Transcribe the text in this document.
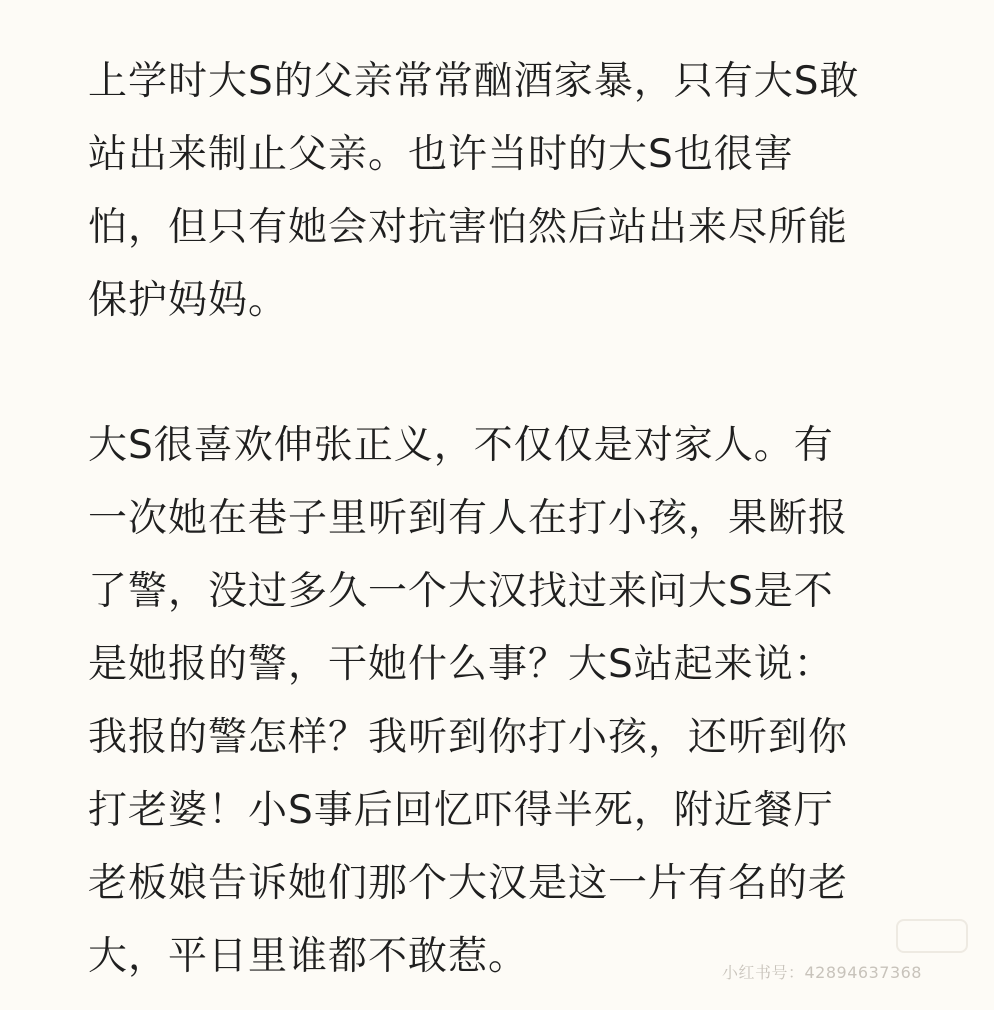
上学时大S的父亲常常酗酒家暴，只有大S敢
站出来制止父亲。也许当时的大S也很害
怕，但只有她会对抗害怕然后站出来尽所能
保护妈妈。
大S很喜欢伸张正义，不仅仅是对家人。有
一次她在巷子里听到有人在打小孩，果断报
了警，没过多久一个大汉找过来问大S是不
是她报的警，干她什么事？大S站起来说：
我报的警怎样？我听到你打小孩，还听到你
打老婆！小S事后回忆吓得半死，附近餐厅
老板娘告诉她们那个大汉是这一片有名的老
大，平日里谁都不敢惹。	小红书号：42894637368
